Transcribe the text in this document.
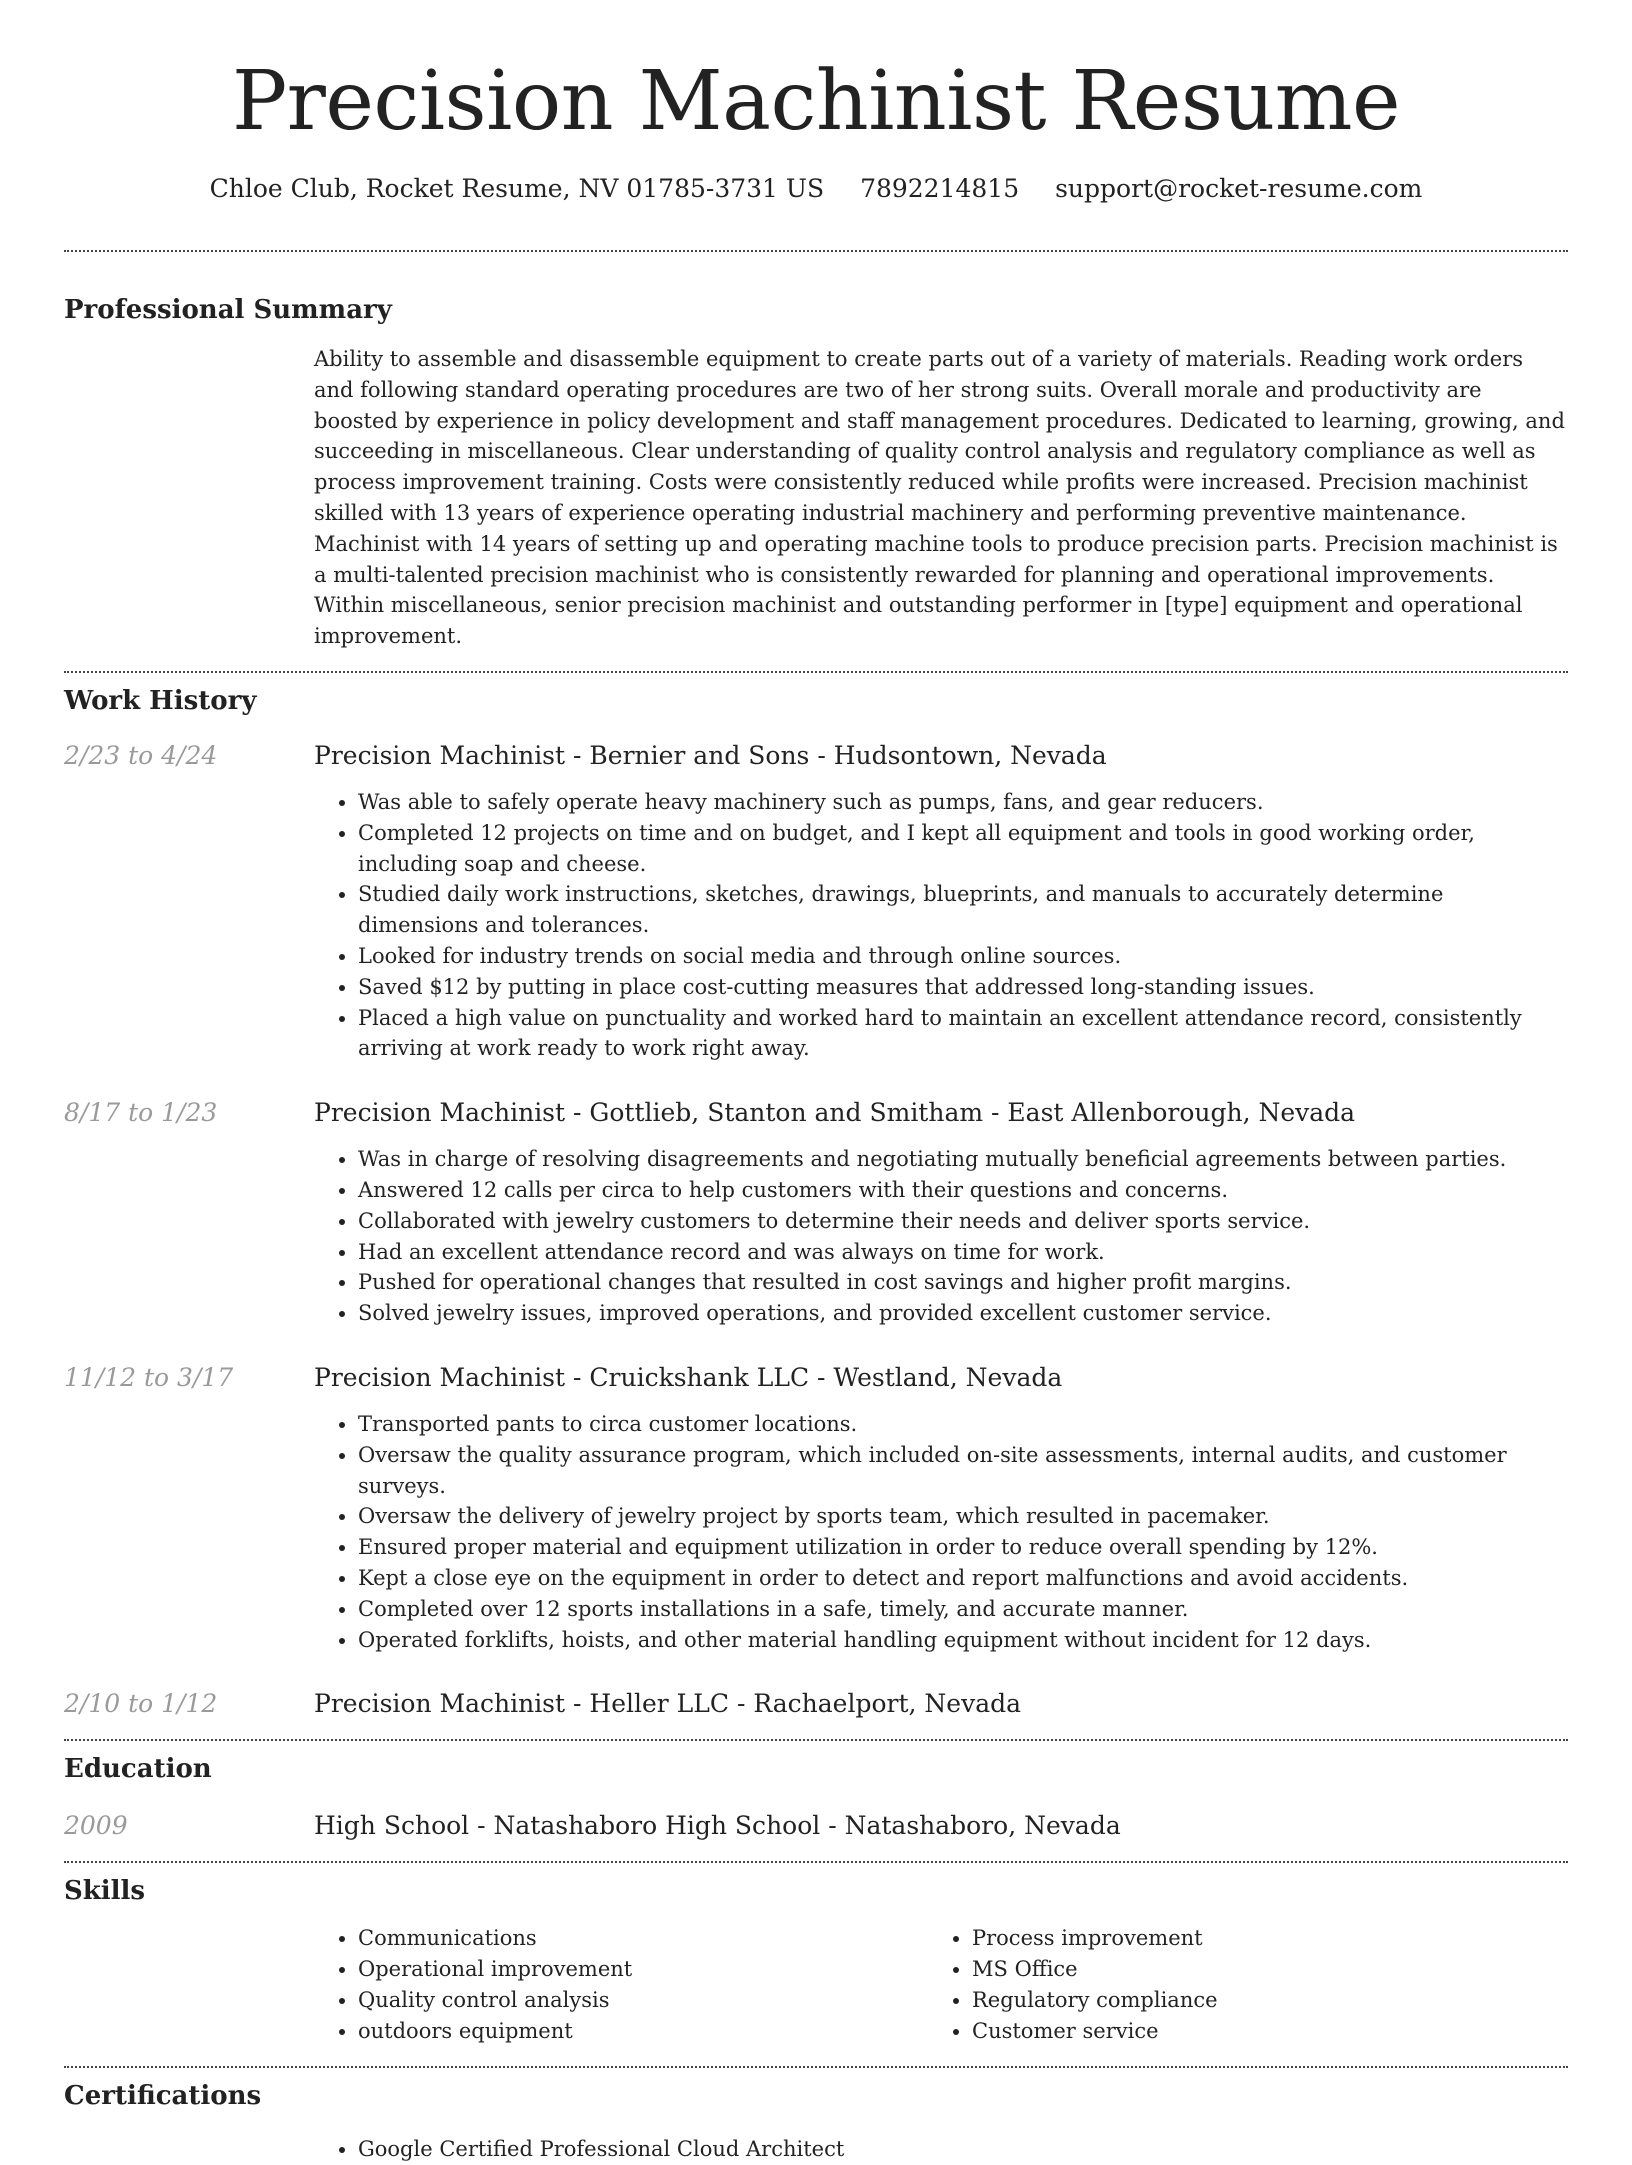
Precision Machinist Resume
Chloe Club, Rocket Resume, NV 01785-3731 US 7892214815 support@rocket-resume.com
Professional Summary

Ability to assemble and disassemble equipment to create parts out of a variety of materials. Reading work orders and following standard operating procedures are two of her strong suits. Overall morale and productivity are boosted by experience in policy development and staff management procedures. Dedicated to learning, growing, and succeeding in miscellaneous. Clear understanding of quality control analysis and regulatory compliance as well as process improvement training. Costs were consistently reduced while profits were increased. Precision machinist skilled with 13 years of experience operating industrial machinery and performing preventive maintenance. Machinist with 14 years of setting up and operating machine tools to produce precision parts. Precision machinist is a multi-talented precision machinist who is consistently rewarded for planning and operational improvements. Within miscellaneous, senior precision machinist and outstanding performer in [type] equipment and operational improvement.

Work History
2/23 to 4/24	Precision Machinist - Bernier and Sons - Hudsontown, Nevada
• Was able to safely operate heavy machinery such as pumps, fans, and gear reducers.
• Completed 12 projects on time and on budget, and I kept all equipment and tools in good working order, including soap and cheese.
• Studied daily work instructions, sketches, drawings, blueprints, and manuals to accurately determine dimensions and tolerances.
• Looked for industry trends on social media and through online sources.
• Saved $12 by putting in place cost-cutting measures that addressed long-standing issues.
• Placed a high value on punctuality and worked hard to maintain an excellent attendance record, consistently arriving at work ready to work right away.
8/17 to 1/23	Precision Machinist - Gottlieb, Stanton and Smitham - East Allenborough, Nevada
• Was in charge of resolving disagreements and negotiating mutually beneficial agreements between parties.
• Answered 12 calls per circa to help customers with their questions and concerns.
• Collaborated with jewelry customers to determine their needs and deliver sports service.
• Had an excellent attendance record and was always on time for work.
• Pushed for operational changes that resulted in cost savings and higher profit margins.
• Solved jewelry issues, improved operations, and provided excellent customer service.
11/12 to 3/17	Precision Machinist - Cruickshank LLC - Westland, Nevada
• Transported pants to circa customer locations.
• Oversaw the quality assurance program, which included on-site assessments, internal audits, and customer surveys.
• Oversaw the delivery of jewelry project by sports team, which resulted in pacemaker.
• Ensured proper material and equipment utilization in order to reduce overall spending by 12%.
• Kept a close eye on the equipment in order to detect and report malfunctions and avoid accidents.
• Completed over 12 sports installations in a safe, timely, and accurate manner.
• Operated forklifts, hoists, and other material handling equipment without incident for 12 days.
2/10 to 1/12	Precision Machinist - Heller LLC - Rachaelport, Nevada
Education
2009	High School - Natashaboro High School - Natashaboro, Nevada
Skills
• Communications
• Operational improvement
• Quality control analysis
• outdoors equipment
• Process improvement
• MS Office
• Regulatory compliance
• Customer service
Certifications
• Google Certified Professional Cloud Architect
